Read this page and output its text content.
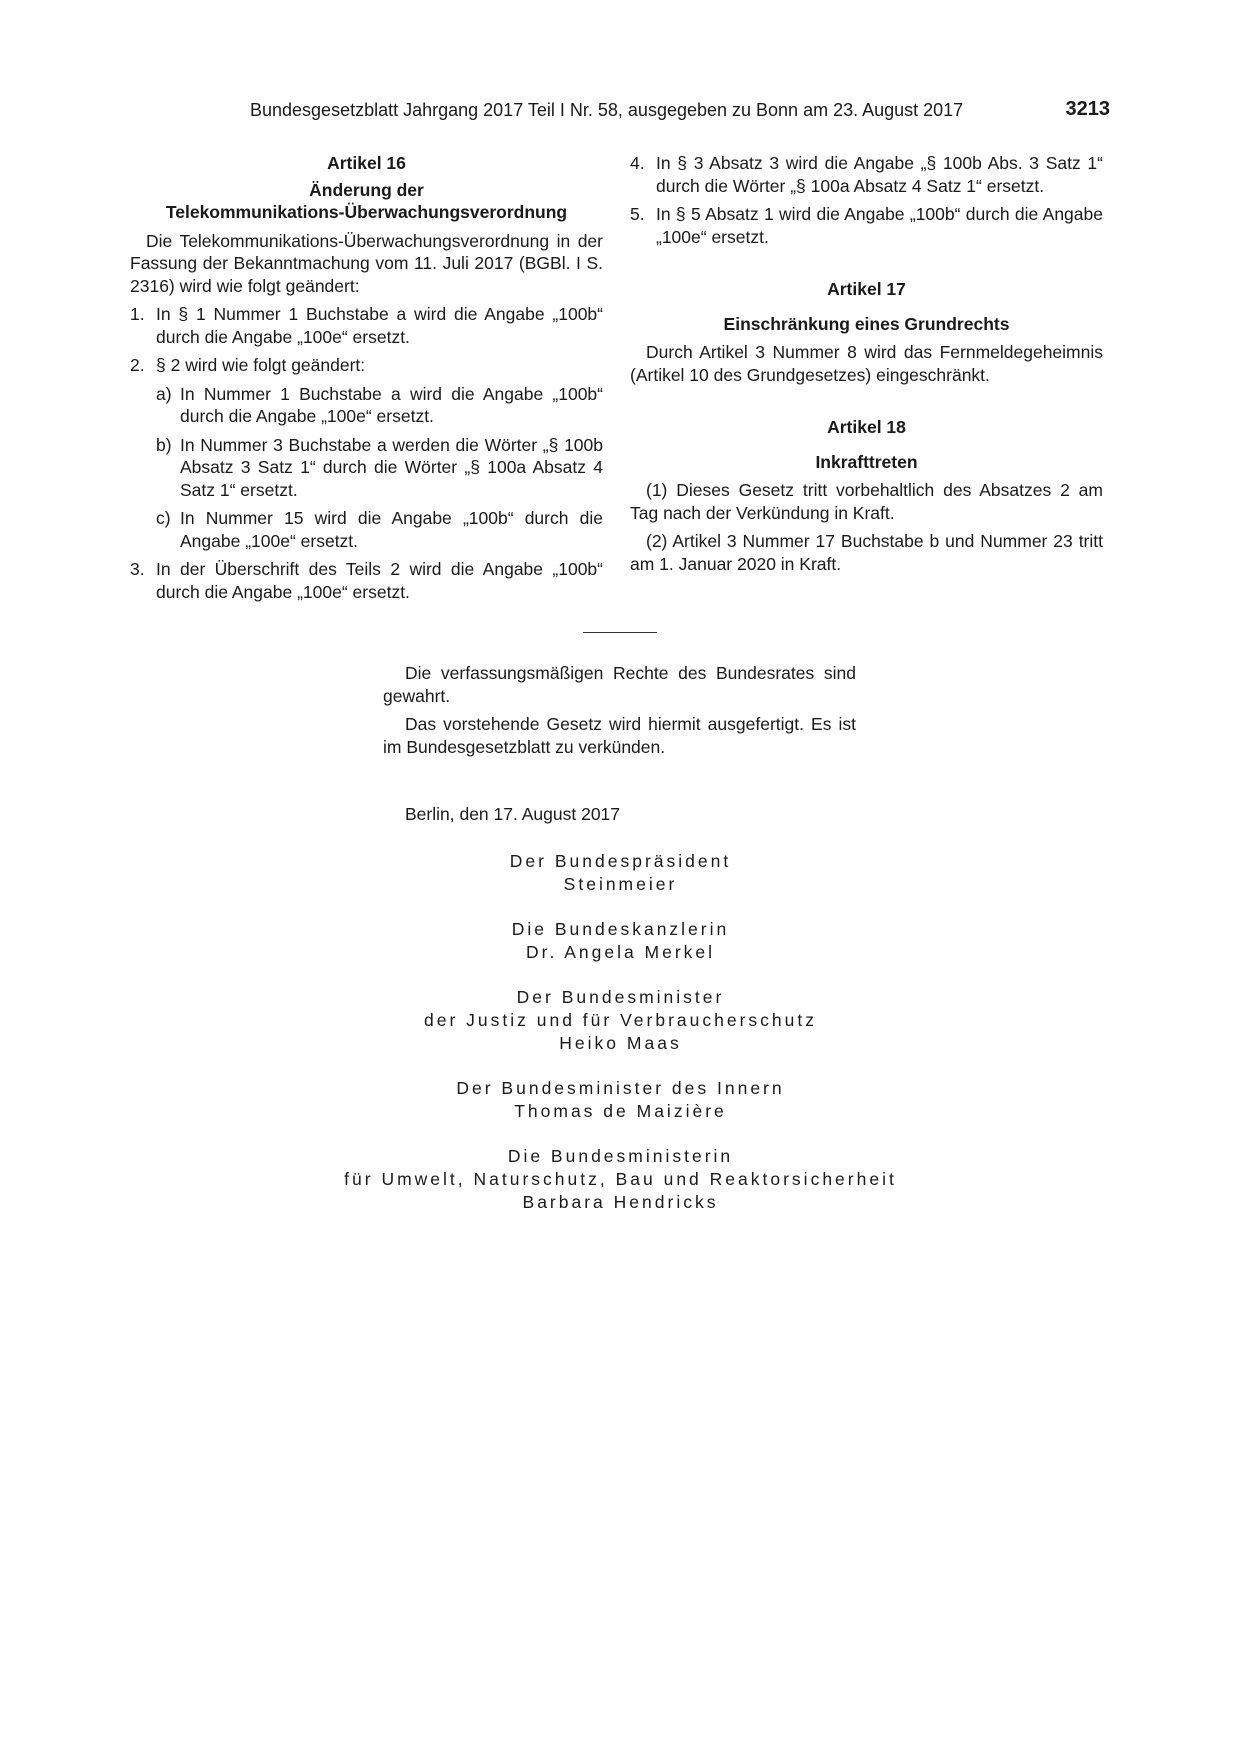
Bundesgesetzblatt Jahrgang 2017 Teil I Nr. 58, ausgegeben zu Bonn am 23. August 2017	3213
Artikel 16
Änderung der
Telekommunikations-Überwachungsverordnung

Die Telekommunikations-Überwachungsverordnung in der Fassung der Bekanntmachung vom 11. Juli 2017 (BGBl. I S. 2316) wird wie folgt geändert:

1. In § 1 Nummer 1 Buchstabe a wird die Angabe „100b“ durch die Angabe „100e“ ersetzt.
2. § 2 wird wie folgt geändert:
a) In Nummer 1 Buchstabe a wird die Angabe „100b“ durch die Angabe „100e“ ersetzt.
b) In Nummer 3 Buchstabe a werden die Wörter „§ 100b Absatz 3 Satz 1“ durch die Wörter „§ 100a Absatz 4 Satz 1“ ersetzt.
c) In Nummer 15 wird die Angabe „100b“ durch die Angabe „100e“ ersetzt.
3. In der Überschrift des Teils 2 wird die Angabe „100b“ durch die Angabe „100e“ ersetzt.
4. In § 3 Absatz 3 wird die Angabe „§ 100b Abs. 3 Satz 1“ durch die Wörter „§ 100a Absatz 4 Satz 1“ ersetzt.
5. In § 5 Absatz 1 wird die Angabe „100b“ durch die Angabe „100e“ ersetzt.
Artikel 17
Einschränkung eines Grundrechts

Durch Artikel 3 Nummer 8 wird das Fernmeldegeheimnis (Artikel 10 des Grundgesetzes) eingeschränkt.

Artikel 18
Inkrafttreten

(1) Dieses Gesetz tritt vorbehaltlich des Absatzes 2 am Tag nach der Verkündung in Kraft.

(2) Artikel 3 Nummer 17 Buchstabe b und Nummer 23 tritt am 1. Januar 2020 in Kraft.

Die verfassungsmäßigen Rechte des Bundesrates sind gewahrt.

Das vorstehende Gesetz wird hiermit ausgefertigt. Es ist im Bundesgesetzblatt zu verkünden.

Berlin, den 17. August 2017
Der Bundespräsident
Steinmeier
Die Bundeskanzlerin
Dr. Angela Merkel
Der Bundesminister
der Justiz und für Verbraucherschutz
Heiko Maas
Der Bundesminister des Innern
Thomas de Maizière
Die Bundesministerin
für Umwelt, Naturschutz, Bau und Reaktorsicherheit
Barbara Hendricks
